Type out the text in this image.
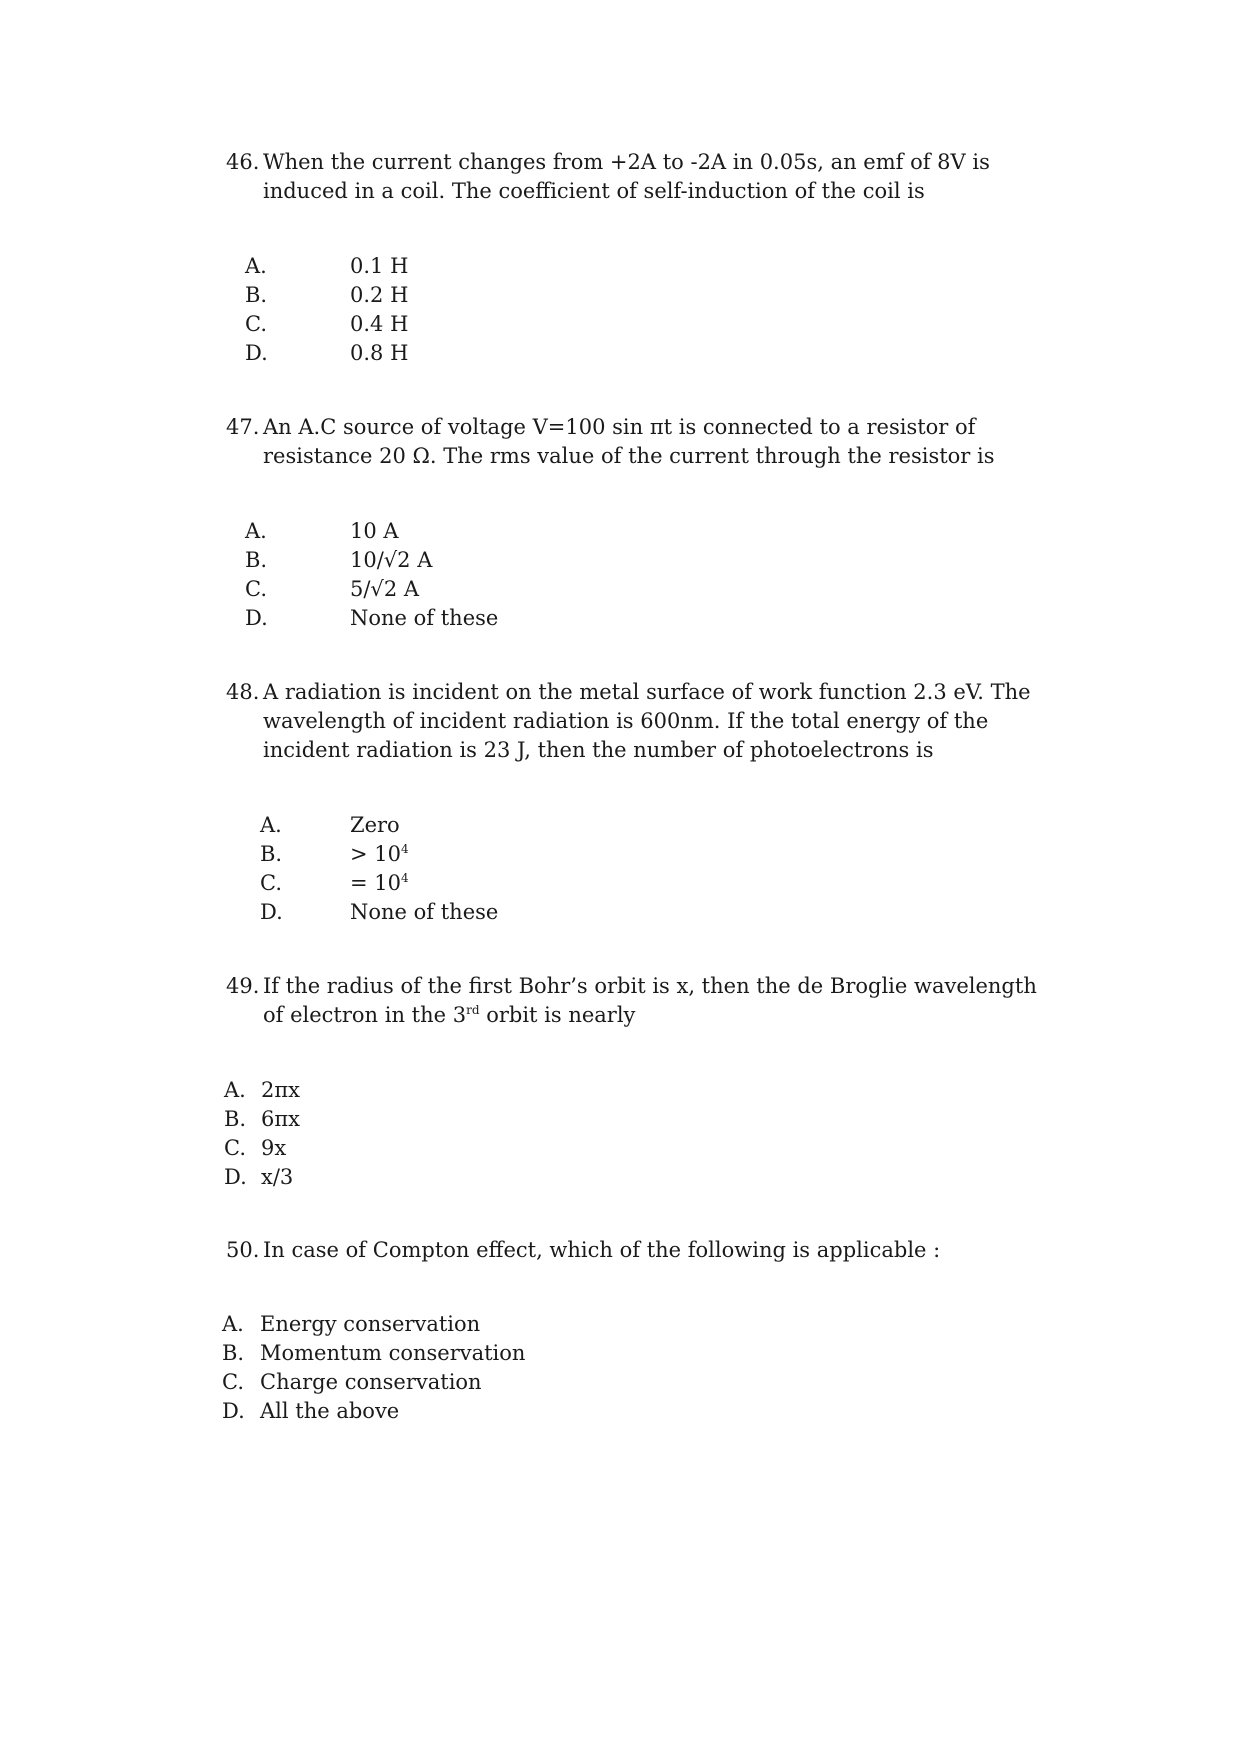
46. When the current changes from +2A to -2A in 0.05s, an emf of 8V is induced in a coil. The coefficient of self-induction of the coil is
A.	0.1 H
B.	0.2 H
C.	0.4 H
D.	0.8 H
47. An A.C source of voltage V=100 sin πt is connected to a resistor of resistance 20 Ω. The rms value of the current through the resistor is
A.	10 A
B.	10/√2 A
C.	5/√2 A
D.	None of these
48. A radiation is incident on the metal surface of work function 2.3 eV. The wavelength of incident radiation is 600nm. If the total energy of the incident radiation is 23 J, then the number of photoelectrons is
A.	Zero
B.	> $10^4$
C.	= $10^4$
D.	None of these
49. If the radius of the first Bohr’s orbit is x, then the de Broglie wavelength of electron in the 3rd orbit is nearly
A. 2πx
B. 6πx
C. 9x
D. x/3
50. In case of Compton effect, which of the following is applicable :
A. Energy conservation
B. Momentum conservation
C. Charge conservation
D. All the above
